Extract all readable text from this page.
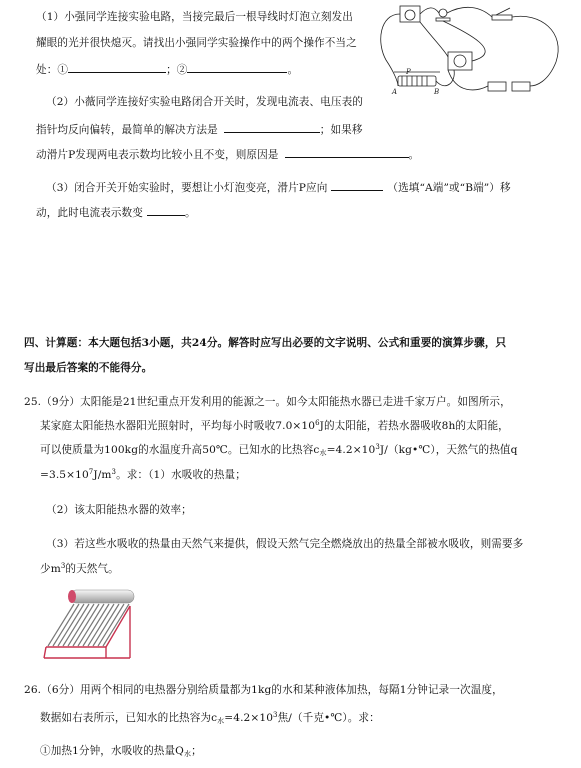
（1）小强同学连接实验电路，当接完最后一根导线时灯泡立刻发出
耀眼的光并很快熄灭。请找出小强同学实验操作中的两个操作不当之
处：①	；②	。
（2）小薇同学连接好实验电路闭合开关时，发现电流表、电压表的
指针均反向偏转，最简单的解决方法是	；如果移
动滑片P发现两电表示数均比较小且不变，则原因是	。
（3）闭合开关开始实验时，要想让小灯泡变亮，滑片P应向	（选填“A端”或“B端”）移
动，此时电流表示数变	。
P
A	B
四、计算题：本大题包括3小题，共24分。解答时应写出必要的文字说明、公式和重要的演算步骤，只
写出最后答案的不能得分。
25.（9分）太阳能是21世纪重点开发利用的能源之一。如今太阳能热水器已走进千家万户。如图所示，
某家庭太阳能热水器阳光照射时，平均每小时吸收$7.0\times 10^6J$的太阳能，若热水器吸收8h的太阳能，
可以使质量为100kg的水温度升高50℃。已知水的比热容$c_水=4.2\times 10^3J/(kg•℃)$，天然气的热值q
$=3.5\times 10^7J/m^3$。求：（1）水吸收的热量；
（2）该太阳能热水器的效率；
（3）若这些水吸收的热量由天然气来提供，假设天然气完全燃烧放出的热量全部被水吸收，则需要多
少$m^3$的天然气。
26.（6分）用两个相同的电热器分别给质量都为1kg的水和某种液体加热，每隔1分钟记录一次温度，
数据如右表所示，已知水的比热容为$c_水=4.2\times 10^3$焦/（千克•℃）。求：
①加热1分钟，水吸收的热量$Q_水$；
